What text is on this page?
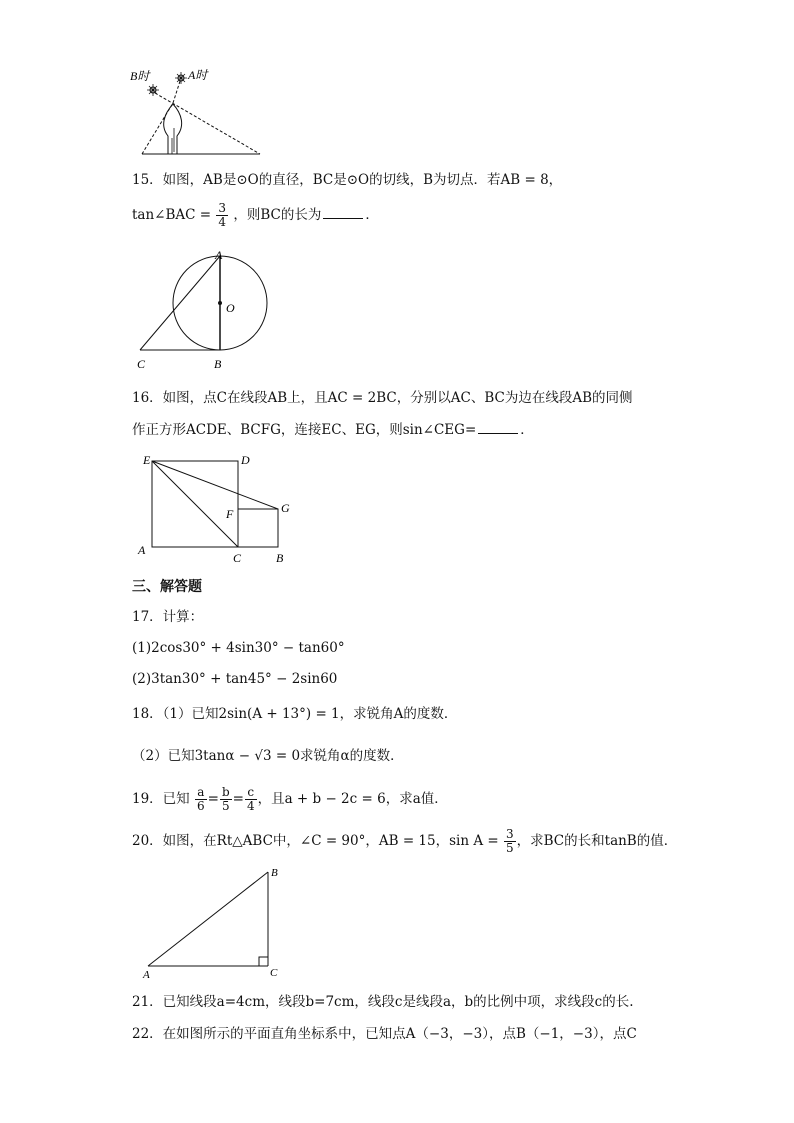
B时	A时
15．如图，AB是⊙O的直径，BC是⊙O的切线，B为切点．若AB = 8，
tan∠BAC = $\frac{3}{4}$ ，则BC的长为	．
A
O
B
C
16．如图，点C在线段AB上，且AC = 2BC，分别以AC、BC为边在线段AB的同侧
作正方形ACDE、BCFG，连接EC、EG，则sin∠CEG=	．
E	D
G
F
A
C	B
三、解答题
17．计算：
(1)2cos30° + 4sin30° − tan60°
(2)3tan30° + tan45° − 2sin60
18．（1）已知2sin(A + 13°) = 1，求锐角A的度数．
（2）已知3tanα − √3 = 0求锐角α的度数．
19．已知 $\frac{a}{6} = \frac{b}{5} = \frac{c}{4}$ ，且a + b − 2c = 6，求a值．
20．如图，在Rt△ABC中，∠C = 90°，AB = 15，$\sin A = \frac{3}{5}$ ，求BC的长和tanB的值．
B
A	C
21．已知线段a=4cm，线段b=7cm，线段c是线段a，b的比例中项，求线段c的长.
22．在如图所示的平面直角坐标系中，已知点A（−3，−3），点B（−1，−3），点C
